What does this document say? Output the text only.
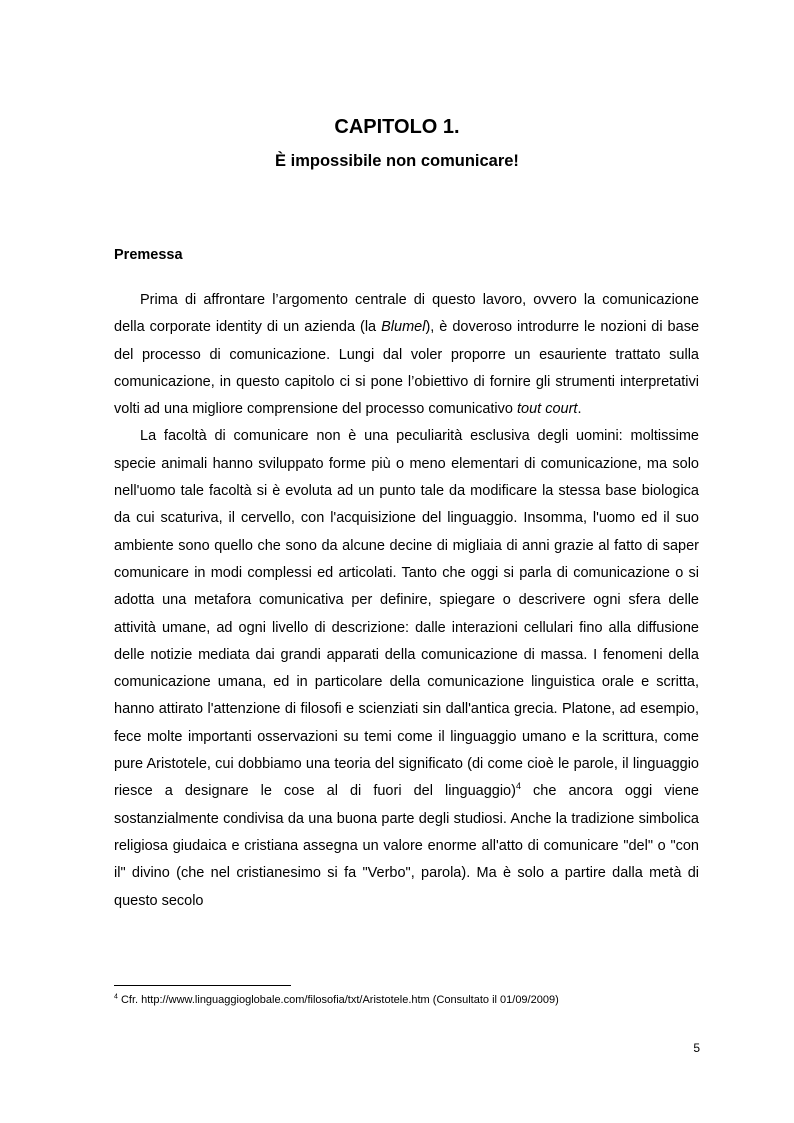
CAPITOLO 1.
È impossibile non comunicare!
Premessa

Prima di affrontare l’argomento centrale di questo lavoro, ovvero la comunicazione della corporate identity di un azienda (la Blumel), è doveroso introdurre le nozioni di base del processo di comunicazione. Lungi dal voler proporre un esauriente trattato sulla comunicazione, in questo capitolo ci si pone l’obiettivo di fornire gli strumenti interpretativi volti ad una migliore comprensione del processo comunicativo tout court.

La facoltà di comunicare non è una peculiarità esclusiva degli uomini: moltissime specie animali hanno sviluppato forme più o meno elementari di comunicazione, ma solo nell'uomo tale facoltà si è evoluta ad un punto tale da modificare la stessa base biologica da cui scaturiva, il cervello, con l'acquisizione del linguaggio. Insomma, l'uomo ed il suo ambiente sono quello che sono da alcune decine di migliaia di anni grazie al fatto di saper comunicare in modi complessi ed articolati. Tanto che oggi si parla di comunicazione o si adotta una metafora comunicativa per definire, spiegare o descrivere ogni sfera delle attività umane, ad ogni livello di descrizione: dalle interazioni cellulari fino alla diffusione delle notizie mediata dai grandi apparati della comunicazione di massa. I fenomeni della comunicazione umana, ed in particolare della comunicazione linguistica orale e scritta, hanno attirato l'attenzione di filosofi e scienziati sin dall'antica grecia. Platone, ad esempio, fece molte importanti osservazioni su temi come il linguaggio umano e la scrittura, come pure Aristotele, cui dobbiamo una teoria del significato (di come cioè le parole, il linguaggio riesce a designare le cose al di fuori del linguaggio)$^4$ che ancora oggi viene sostanzialmente condivisa da una buona parte degli studiosi. Anche la tradizione simbolica religiosa giudaica e cristiana assegna un valore enorme all'atto di comunicare "del" o "con il" divino (che nel cristianesimo si fa "Verbo", parola). Ma è solo a partire dalla metà di questo secolo

$^4$ Cfr. http://www.linguaggioglobale.com/filosofia/txt/Aristotele.htm (Consultato il 01/09/2009)
5
